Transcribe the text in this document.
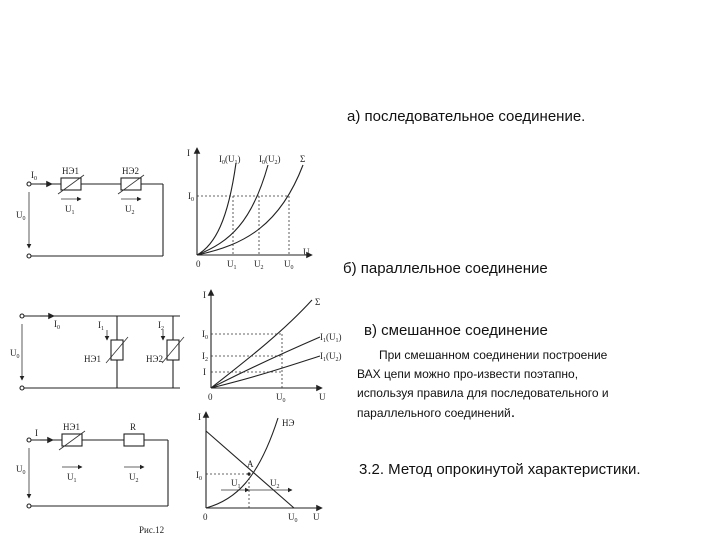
а) последовательное соединение.
б) параллельное соединение
в) смешанное соединение
При смешанном соединении построение
ВАХ цепи можно про-извести поэтапно,
используя правила для последовательного и
параллельного соединений.
3.2. Метод опрокинутой характеристики.
$I_0$
НЭ1	НЭ2
$U_1$	$U_2$
$U_0$
I
U
$I_0(U_1)$ $I_0(U_2)$ Σ
$I_0$
0	$U_1$ $U_2$ $U_0$
$I_0$	$I_1$	$I_2$
НЭ1	НЭ2
$U_0$
I
U
Σ
$I_1(U_1)$
$I_1(U_2)$
$I_0$
$I_2$
I
0	$U_0$
I
НЭ1	R
$U_1$	$U_2$
$U_0$
Рис.12
I
U
НЭ
A
$I_0$
0
$U_1$	$U_2$
$U_0$
